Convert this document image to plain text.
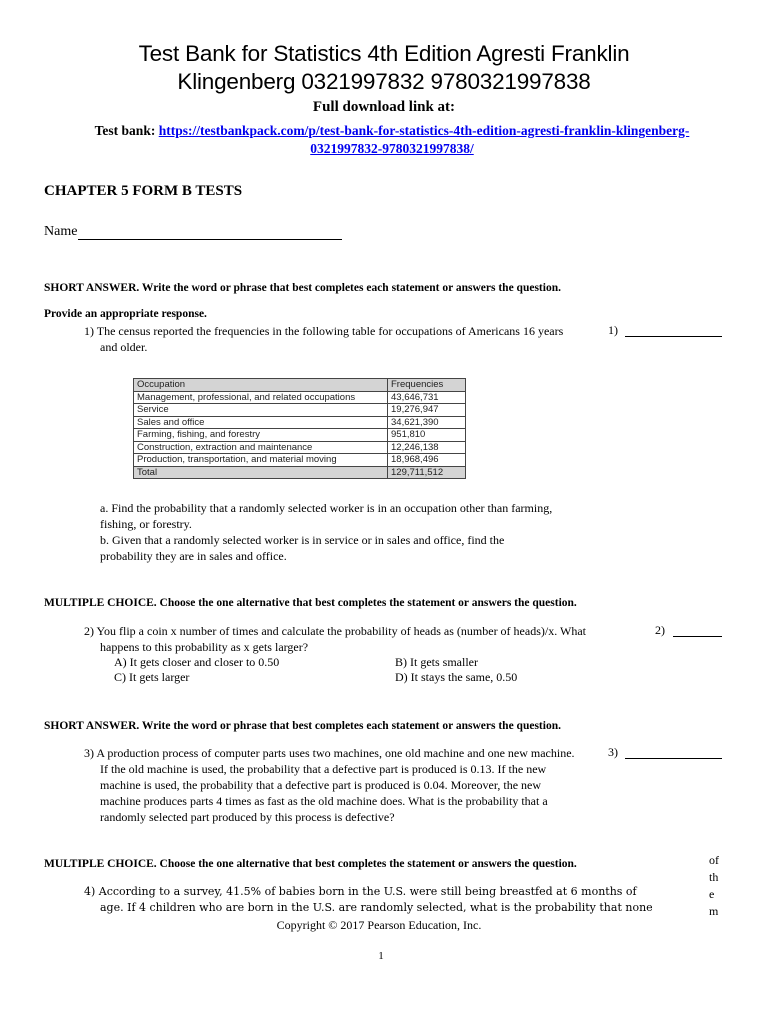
Test Bank for Statistics 4th Edition Agresti Franklin
Klingenberg 0321997832 9780321997838
Full download link at:
Test bank: https://testbankpack.com/p/test-bank-for-statistics-4th-edition-agresti-franklin-klingenberg-
0321997832-9780321997838/
CHAPTER 5 FORM B TESTS
Name
SHORT ANSWER. Write the word or phrase that best completes each statement or answers the question.
Provide an appropriate response.
1) The census reported the frequencies in the following table for occupations of Americans 16 years
and older.
1)
Occupation	Frequencies
Management, professional, and related occupations	43,646,731
Service	19,276,947
Sales and office	34,621,390
Farming, fishing, and forestry	951,810
Construction, extraction and maintenance	12,246,138
Production, transportation, and material moving	18,968,496
Total	129,711,512
a. Find the probability that a randomly selected worker is in an occupation other than farming,
fishing, or forestry.
b. Given that a randomly selected worker is in service or in sales and office, find the
probability they are in sales and office.
MULTIPLE CHOICE. Choose the one alternative that best completes the statement or answers the question.
2) You flip a coin x number of times and calculate the probability of heads as (number of heads)/x. What
happens to this probability as x gets larger?
2)
A) It gets closer and closer to 0.50	B) It gets smaller
C) It gets larger	D) It stays the same, 0.50
SHORT ANSWER. Write the word or phrase that best completes each statement or answers the question.
3) A production process of computer parts uses two machines, one old machine and one new machine.
If the old machine is used, the probability that a defective part is produced is 0.13. If the new
machine is used, the probability that a defective part is produced is 0.04. Moreover, the new
machine produces parts 4 times as fast as the old machine does. What is the probability that a
randomly selected part produced by this process is defective?
3)
MULTIPLE CHOICE. Choose the one alternative that best completes the statement or answers the question.	of
th
e
m
4) According to a survey, 41.5% of babies born in the U.S. were still being breastfed at 6 months of
age. If 4 children who are born in the U.S. are randomly selected, what is the probability that none
Copyright © 2017 Pearson Education, Inc.
1
